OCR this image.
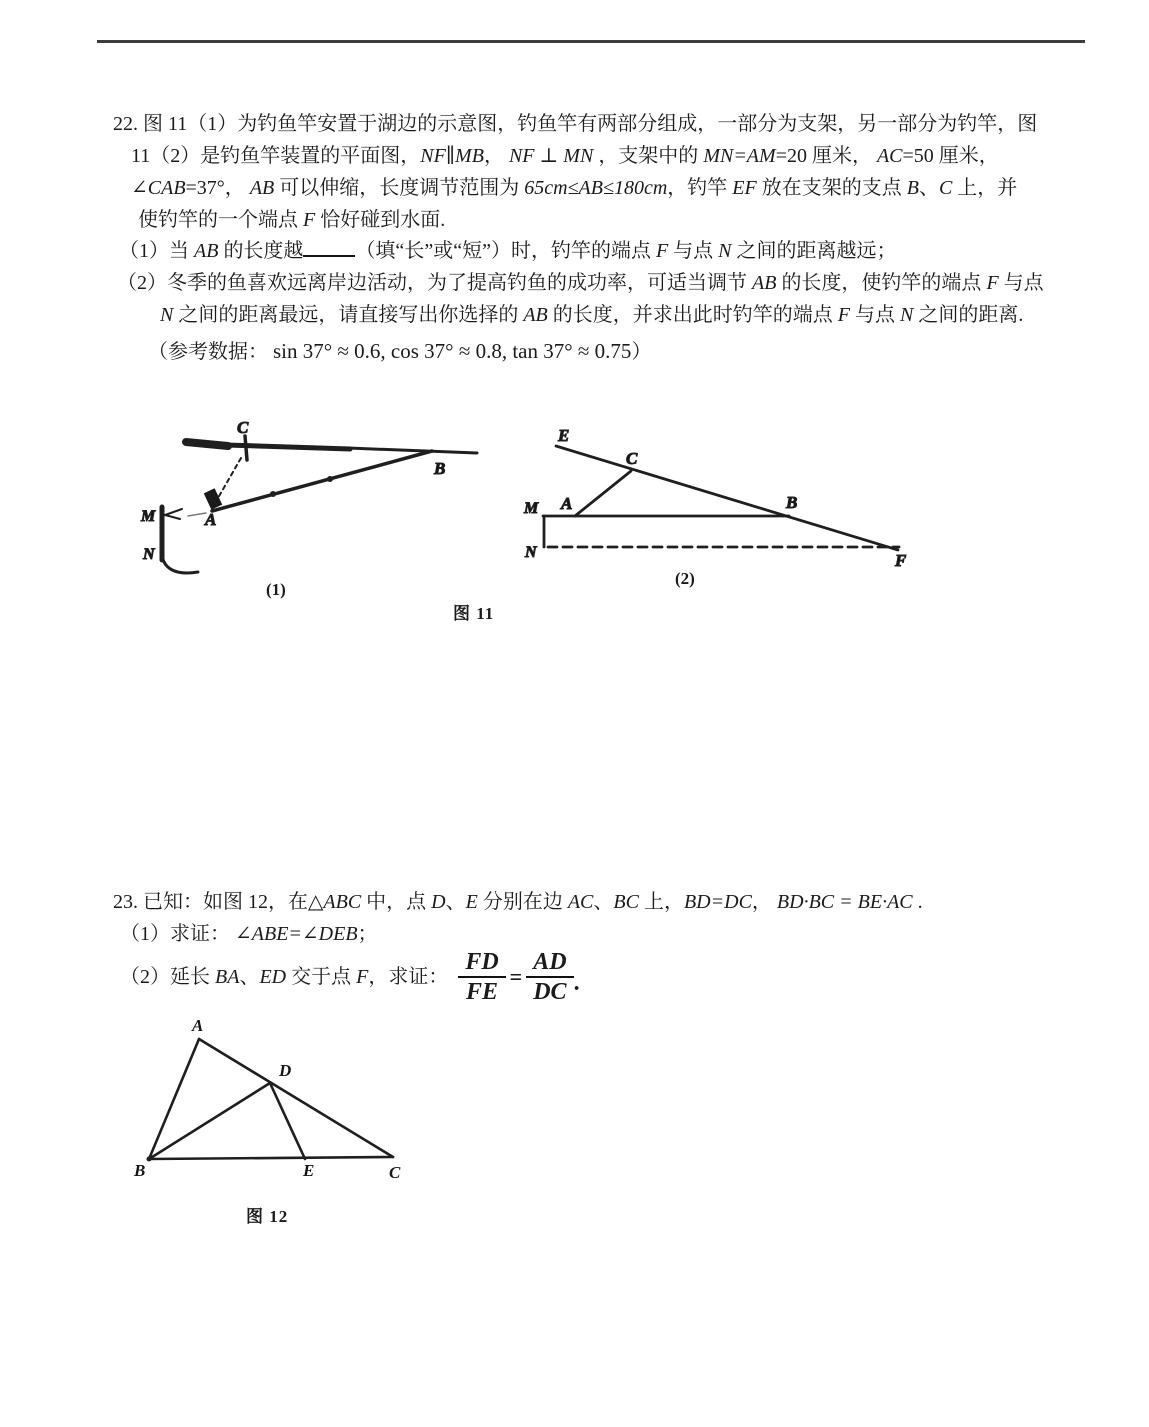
22. 图 11（1）为钓鱼竿安置于湖边的示意图，钓鱼竿有两部分组成，一部分为支架，另一部分为钓竿，图
11（2）是钓鱼竿装置的平面图，NF∥MB， NF ⊥ MN ，支架中的 MN=AM=20 厘米， AC=50 厘米，
∠CAB=37°， AB 可以伸缩，长度调节范围为 65cm≤AB≤180cm，钓竿 EF 放在支架的支点 B、C 上，并
使钓竿的一个端点 F 恰好碰到水面.
（1）当 AB 的长度越	（填“长”或“短”）时，钓竿的端点 F 与点 N 之间的距离越远；
（2）冬季的鱼喜欢远离岸边活动，为了提高钓鱼的成功率，可适当调节 AB 的长度，使钓竿的端点 F 与点
N 之间的距离最远，请直接写出你选择的 AB 的长度，并求出此时钓竿的端点 F 与点 N 之间的距离.
（参考数据： sin 37° ≈ 0.6, cos 37° ≈ 0.8, tan 37° ≈ 0.75）
C
B
A
M
N
E
C
M A	B
N	F
(1)
(2)
图 11
23. 已知：如图 12，在△ABC 中，点 D、E 分别在边 AC、BC 上，BD=DC， BD·BC = BE·AC .
（1）求证： ∠ABE=∠DEB；
（2）延长 BA、ED 交于点 F，求证： $\frac{FD}{FE} = \frac{AD}{DC}$ .
A
D
B	E	C
图 12
